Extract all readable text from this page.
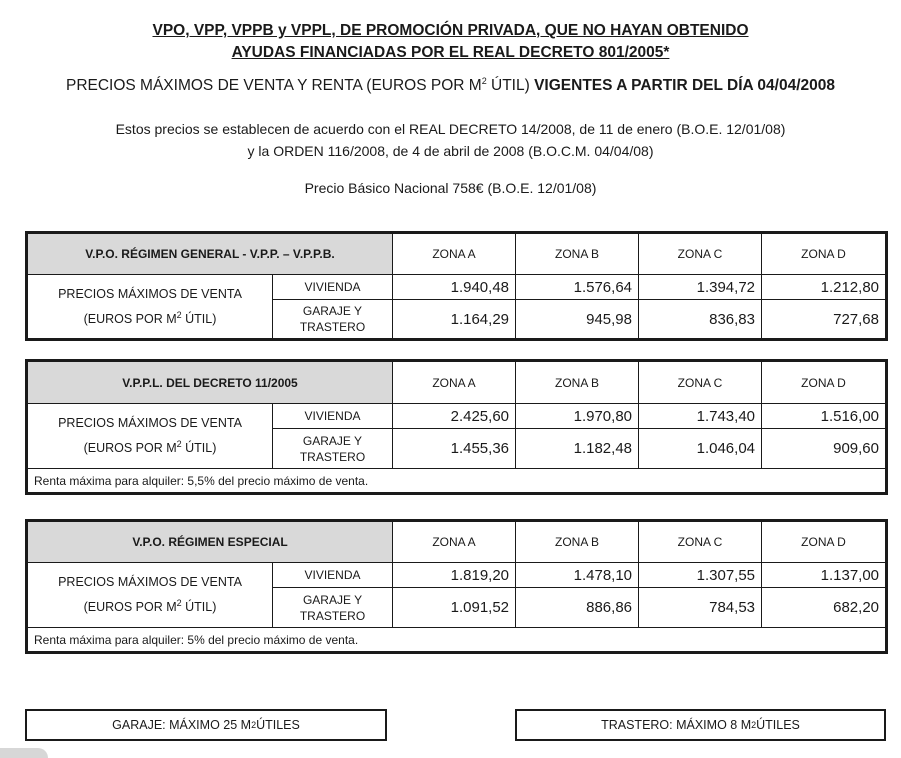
VPO, VPP, VPPB y VPPL, DE PROMOCIÓN PRIVADA, QUE NO HAYAN OBTENIDO
AYUDAS FINANCIADAS POR EL REAL DECRETO 801/2005*
PRECIOS MÁXIMOS DE VENTA Y RENTA (EUROS POR $M^2$ ÚTIL) VIGENTES A PARTIR DEL DÍA 04/04/2008
Estos precios se establecen de acuerdo con el REAL DECRETO 14/2008, de 11 de enero (B.O.E. 12/01/08)
y la ORDEN 116/2008, de 4 de abril de 2008 (B.O.C.M. 04/04/08)
Precio Básico Nacional 758€ (B.O.E. 12/01/08)
V.P.O. RÉGIMEN GENERAL - V.P.P. – V.P.P.B.		ZONA A	ZONA B	ZONA C	ZONA D
PRECIOS MÁXIMOS DE VENTA
(EUROS POR $M^2$ ÚTIL)	VIVIENDA	1.940,48	1.576,64	1.394,72	1.212,80
	GARAJE Y
TRASTERO	1.164,29	945,98	836,83	727,68
V.P.P.L. DEL DECRETO 11/2005		ZONA A	ZONA B	ZONA C	ZONA D
PRECIOS MÁXIMOS DE VENTA
(EUROS POR $M^2$ ÚTIL)	VIVIENDA	2.425,60	1.970,80	1.743,40	1.516,00
	GARAJE Y
TRASTERO	1.455,36	1.182,48	1.046,04	909,60
Renta máxima para alquiler: 5,5% del precio máximo de venta.					
V.P.O. RÉGIMEN ESPECIAL		ZONA A	ZONA B	ZONA C	ZONA D
PRECIOS MÁXIMOS DE VENTA
(EUROS POR $M^2$ ÚTIL)	VIVIENDA	1.819,20	1.478,10	1.307,55	1.137,00
	GARAJE Y
TRASTERO	1.091,52	886,86	784,53	682,20
Renta máxima para alquiler: 5% del precio máximo de venta.					
GARAJE: MÁXIMO 25 M 2 ÚTILES	TRASTERO: MÁXIMO 8 M 2 ÚTILES
